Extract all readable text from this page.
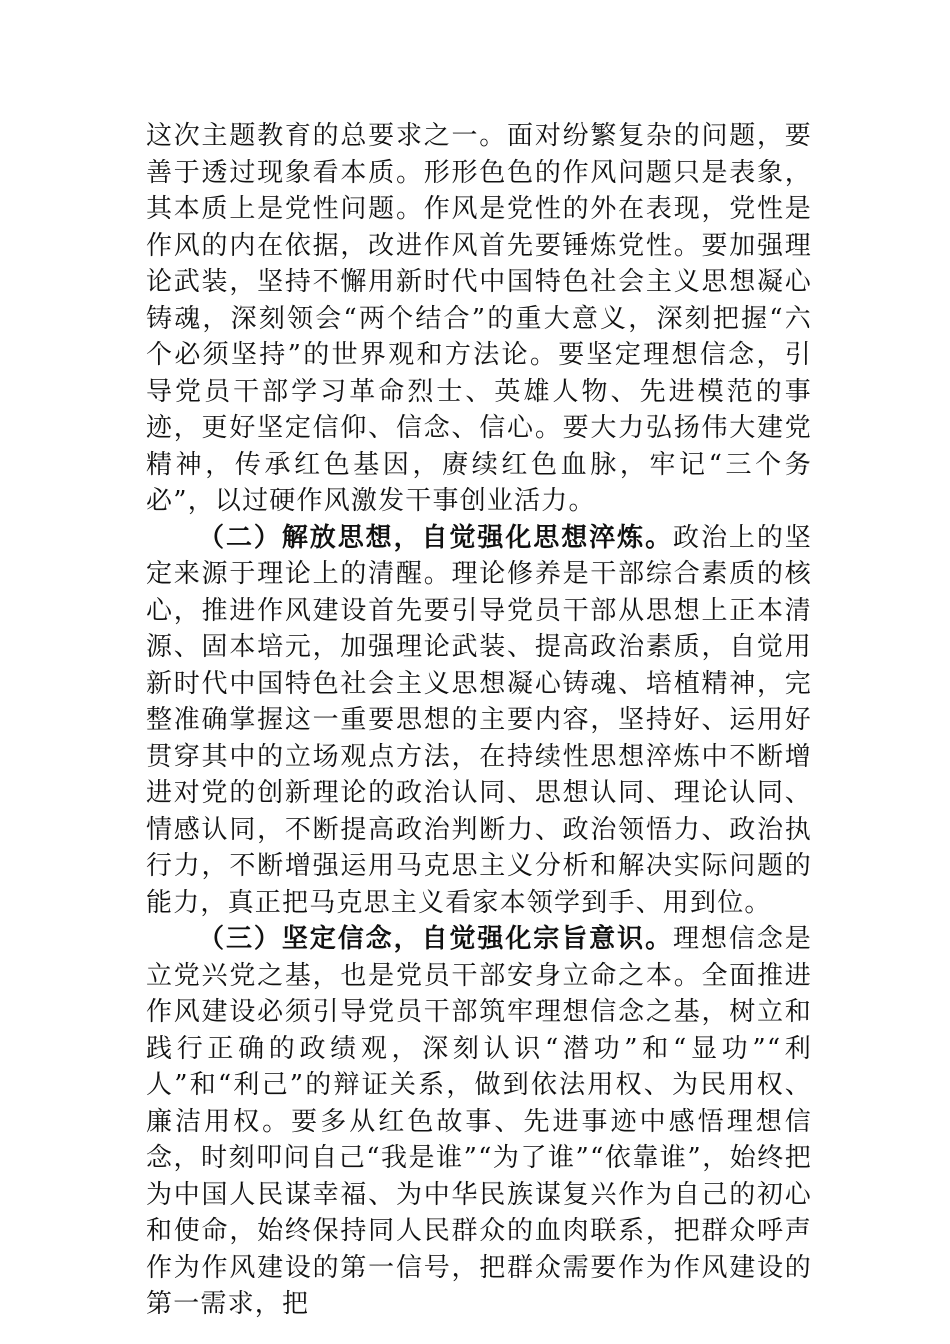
这次主题教育的总要求之一。面对纷繁复杂的问题，要善于透过现象看本质。形形色色的作风问题只是表象，其本质上是党性问题。作风是党性的外在表现，党性是作风的内在依据，改进作风首先要锤炼党性。要加强理论武装，坚持不懈用新时代中国特色社会主义思想凝心铸魂，深刻领会“两个结合”的重大意义，深刻把握“六个必须坚持”的世界观和方法论。要坚定理想信念，引导党员干部学习革命烈士、英雄人物、先进模范的事迹，更好坚定信仰、信念、信心。要大力弘扬伟大建党精神，传承红色基因，赓续红色血脉，牢记“三个务必”，以过硬作风激发干事创业活力。

（二）解放思想，自觉强化思想淬炼。政治上的坚定来源于理论上的清醒。理论修养是干部综合素质的核心，推进作风建设首先要引导党员干部从思想上正本清源、固本培元，加强理论武装、提高政治素质，自觉用新时代中国特色社会主义思想凝心铸魂、培植精神，完整准确掌握这一重要思想的主要内容，坚持好、运用好贯穿其中的立场观点方法，在持续性思想淬炼中不断增进对党的创新理论的政治认同、思想认同、理论认同、情感认同，不断提高政治判断力、政治领悟力、政治执行力，不断增强运用马克思主义分析和解决实际问题的能力，真正把马克思主义看家本领学到手、用到位。

（三）坚定信念，自觉强化宗旨意识。理想信念是立党兴党之基，也是党员干部安身立命之本。全面推进作风建设必须引导党员干部筑牢理想信念之基，树立和践行正确的政绩观，深刻认识“潜功”和“显功”“利人”和“利己”的辩证关系，做到依法用权、为民用权、廉洁用权。要多从红色故事、先进事迹中感悟理想信念，时刻叩问自己“我是谁”“为了谁”“依靠谁”，始终把为中国人民谋幸福、为中华民族谋复兴作为自己的初心和使命，始终保持同人民群众的血肉联系，把群众呼声作为作风建设的第一信号，把群众需要作为作风建设的第一需求，把
